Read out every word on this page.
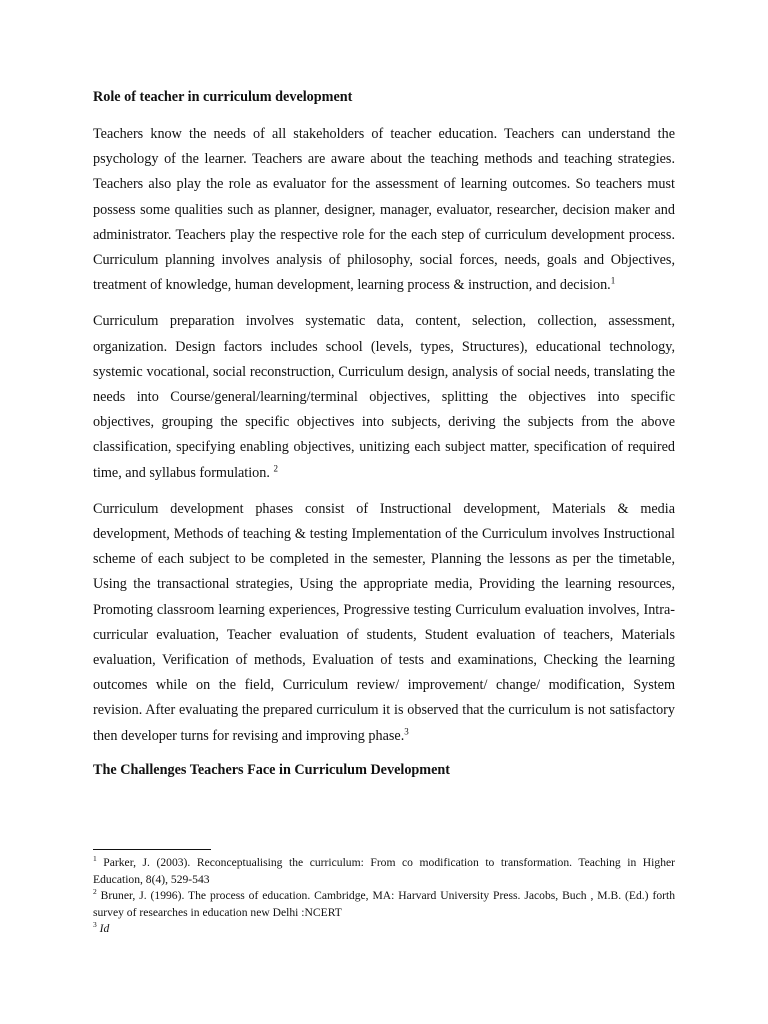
Role of teacher in curriculum development

Teachers know the needs of all stakeholders of teacher education. Teachers can understand the psychology of the learner. Teachers are aware about the teaching methods and teaching strategies. Teachers also play the role as evaluator for the assessment of learning outcomes. So teachers must possess some qualities such as planner, designer, manager, evaluator, researcher, decision maker and administrator. Teachers play the respective role for the each step of curriculum development process. Curriculum planning involves analysis of philosophy, social forces, needs, goals and Objectives, treatment of knowledge, human development, learning process & instruction, and decision.$^1$

Curriculum preparation involves systematic data, content, selection, collection, assessment, organization. Design factors includes school (levels, types, Structures), educational technology, systemic vocational, social reconstruction, Curriculum design, analysis of social needs, translating the needs into Course/general/learning/terminal objectives, splitting the objectives into specific objectives, grouping the specific objectives into subjects, deriving the subjects from the above classification, specifying enabling objectives, unitizing each subject matter, specification of required time, and syllabus formulation. $^2$

Curriculum development phases consist of Instructional development, Materials & media development, Methods of teaching & testing Implementation of the Curriculum involves Instructional scheme of each subject to be completed in the semester, Planning the lessons as per the timetable, Using the transactional strategies, Using the appropriate media, Providing the learning resources, Promoting classroom learning experiences, Progressive testing Curriculum evaluation involves, Intra-curricular evaluation, Teacher evaluation of students, Student evaluation of teachers, Materials evaluation, Verification of methods, Evaluation of tests and examinations, Checking the learning outcomes while on the field, Curriculum review/ improvement/ change/ modification, System revision. After evaluating the prepared curriculum it is observed that the curriculum is not satisfactory then developer turns for revising and improving phase.$^3$

The Challenges Teachers Face in Curriculum Development

$^1$ Parker, J. (2003). Reconceptualising the curriculum: From co modification to transformation. Teaching in Higher Education, 8(4), 529-543

$^2$ Bruner, J. (1996). The process of education. Cambridge, MA: Harvard University Press. Jacobs, Buch , M.B. (Ed.) forth survey of researches in education new Delhi :NCERT

$^3$ Id
